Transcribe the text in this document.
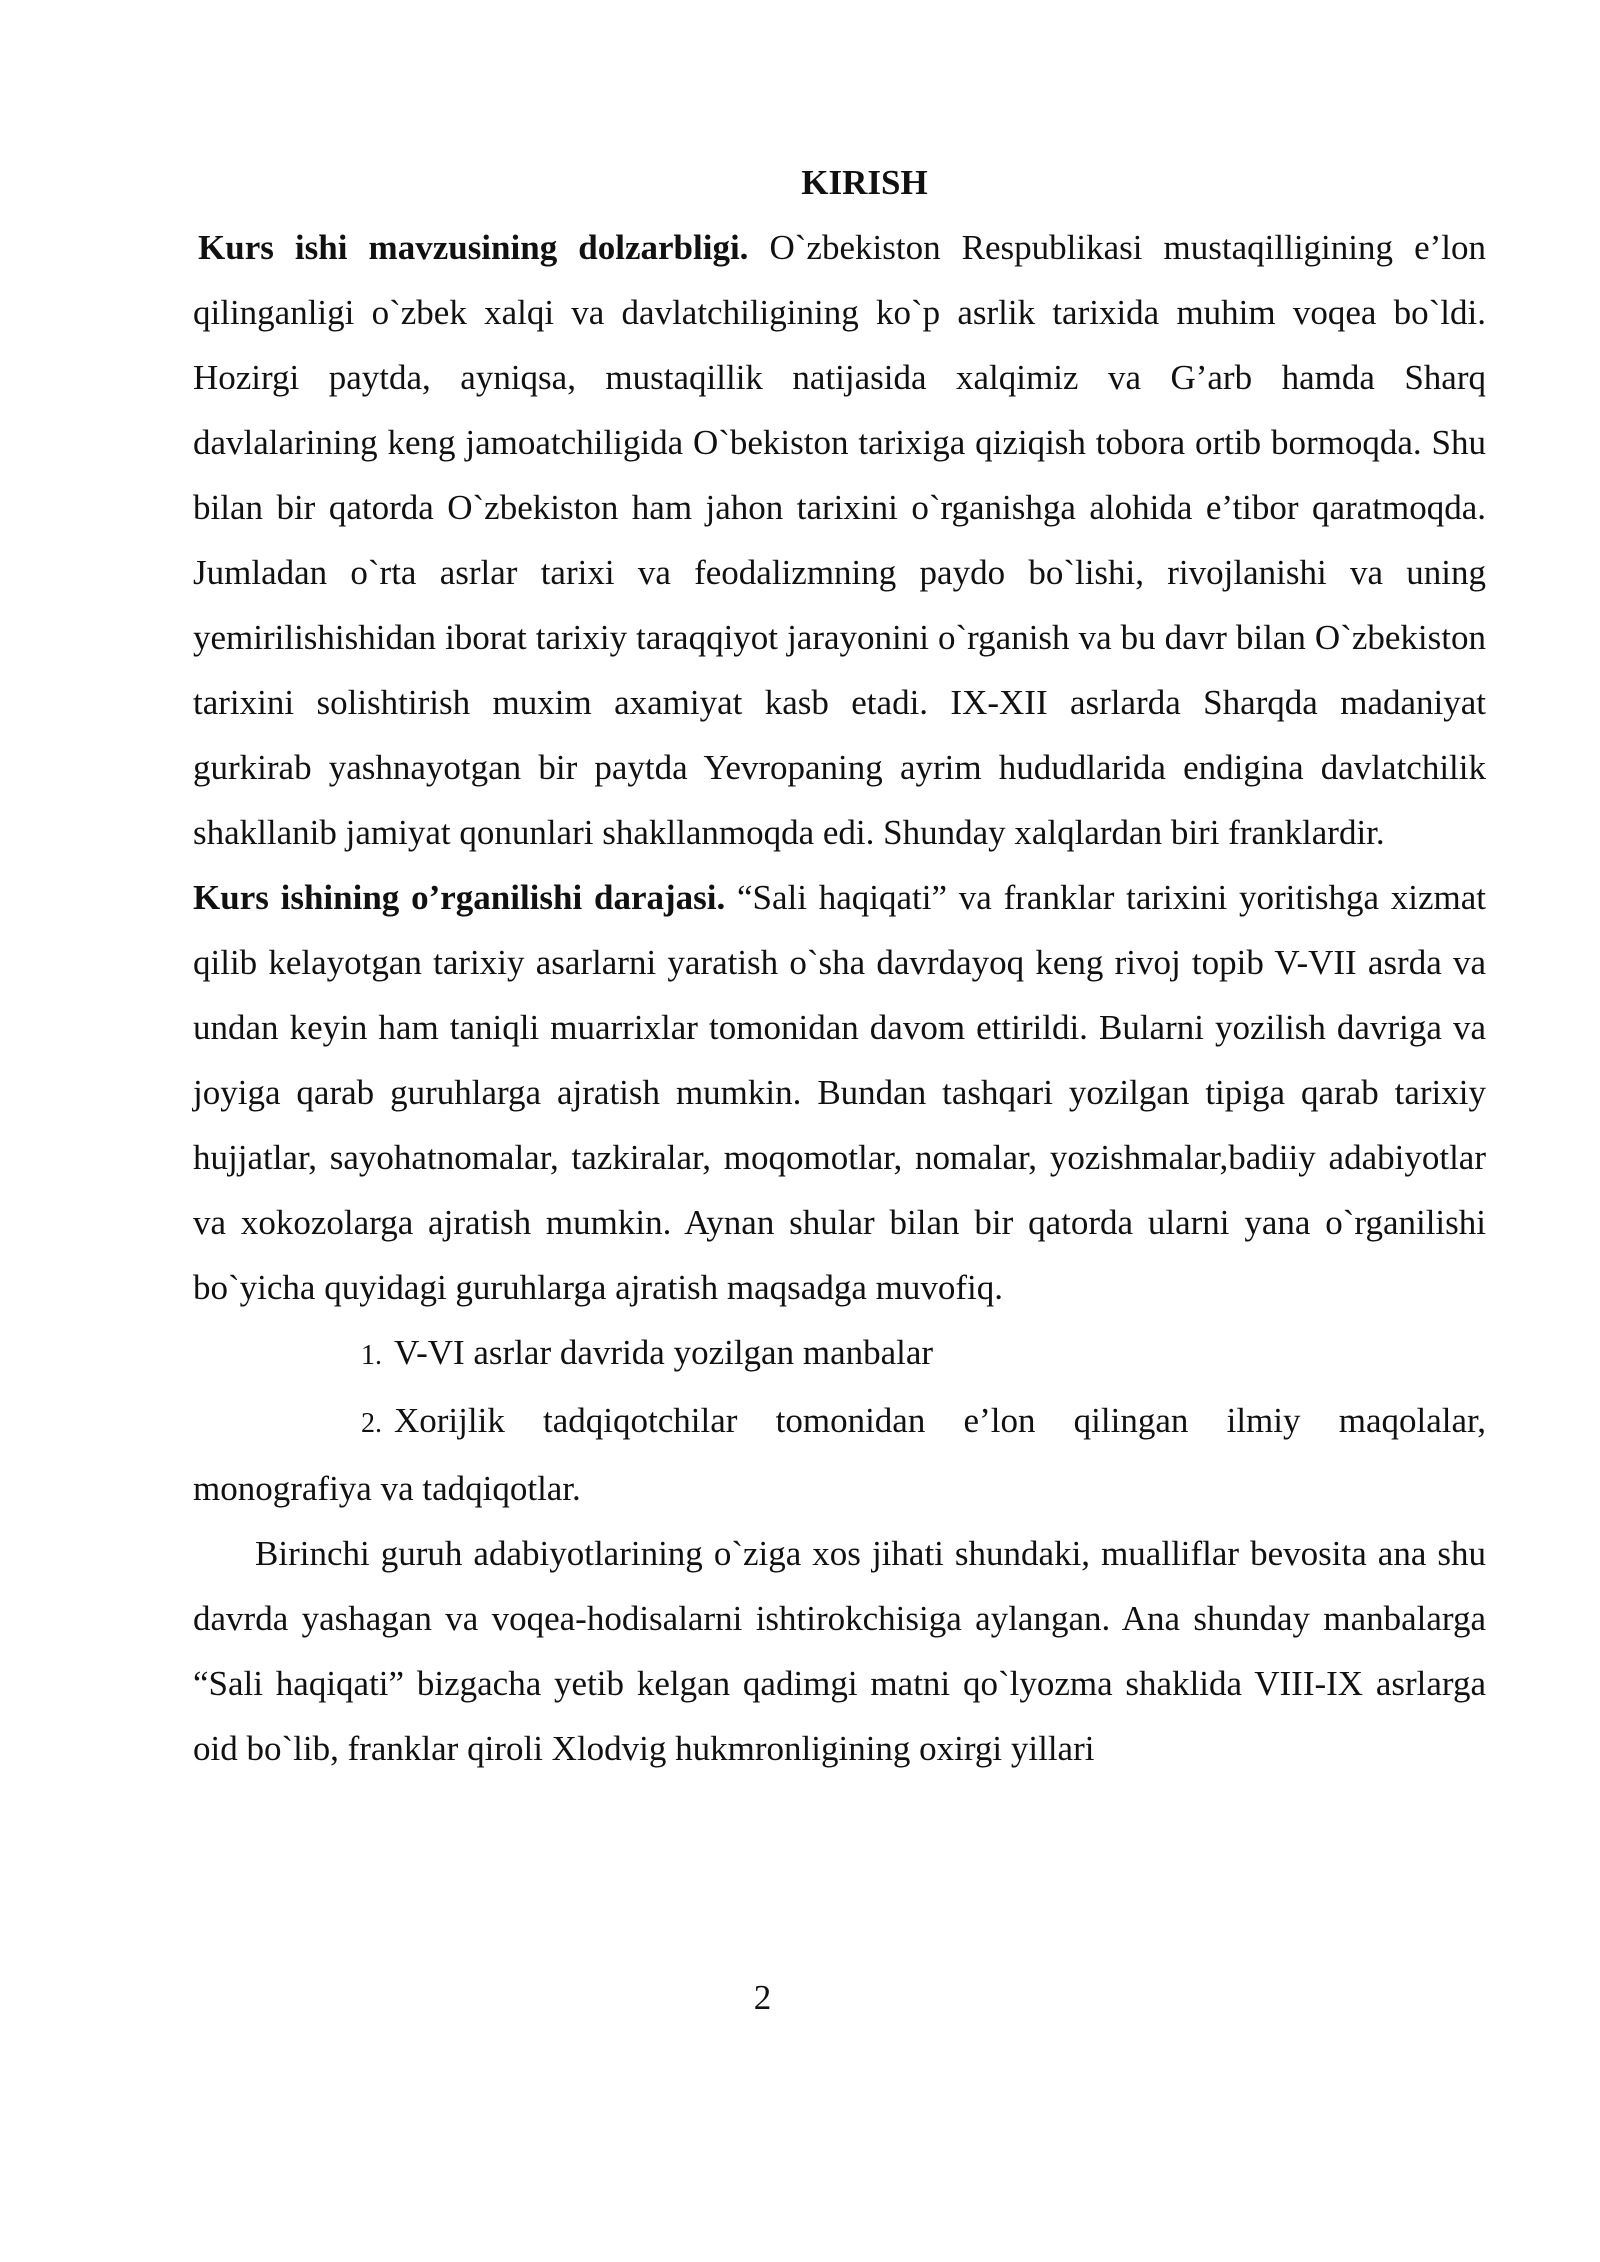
KIRISH

Kurs ishi mavzusining dolzarbligi. O`zbekiston Respublikasi mustaqilligining e’lon qilinganligi o`zbek xalqi va davlatchiligining ko`p asrlik tarixida muhim voqea bo`ldi. Hozirgi paytda, ayniqsa, mustaqillik natijasida xalqimiz va G’arb hamda Sharq davlalarining keng jamoatchiligida O`bekiston tarixiga qiziqish tobora ortib bormoqda. Shu bilan bir qatorda O`zbekiston ham jahon tarixini o`rganishga alohida e’tibor qaratmoqda. Jumladan o`rta asrlar tarixi va feodalizmning paydo bo`lishi, rivojlanishi va uning yemirilishishidan iborat tarixiy taraqqiyot jarayonini o`rganish va bu davr bilan O`zbekiston tarixini solishtirish muxim axamiyat kasb etadi. IX-XII asrlarda Sharqda madaniyat gurkirab yashnayotgan bir paytda Yevropaning ayrim hududlarida endigina davlatchilik shakllanib jamiyat qonunlari shakllanmoqda edi. Shunday xalqlardan biri franklardir.

Kurs ishining o’rganilishi darajasi. “Sali haqiqati” va franklar tarixini yoritishga xizmat qilib kelayotgan tarixiy asarlarni yaratish o`sha davrdayoq keng rivoj topib V-VII asrda va undan keyin ham taniqli muarrixlar tomonidan davom ettirildi. Bularni yozilish davriga va joyiga qarab guruhlarga ajratish mumkin. Bundan tashqari yozilgan tipiga qarab tarixiy hujjatlar, sayohatnomalar, tazkiralar, moqomotlar, nomalar, yozishmalar,badiiy adabiyotlar va xokozolarga ajratish mumkin. Aynan shular bilan bir qatorda ularni yana o`rganilishi bo`yicha quyidagi guruhlarga ajratish maqsadga muvofiq.

1. V-VI asrlar davrida yozilgan manbalar

2. Xorijlik tadqiqotchilar tomonidan e’lon qilingan ilmiy maqolalar, monografiya va tadqiqotlar.

Birinchi guruh adabiyotlarining o`ziga xos jihati shundaki, mualliflar bevosita ana shu davrda yashagan va voqea-hodisalarni ishtirokchisiga aylangan. Ana shunday manbalarga “Sali haqiqati” bizgacha yetib kelgan qadimgi matni qo`lyozma shaklida VIII-IX asrlarga oid bo`lib, franklar qiroli Xlodvig hukmronligining oxirgi yillari

2
